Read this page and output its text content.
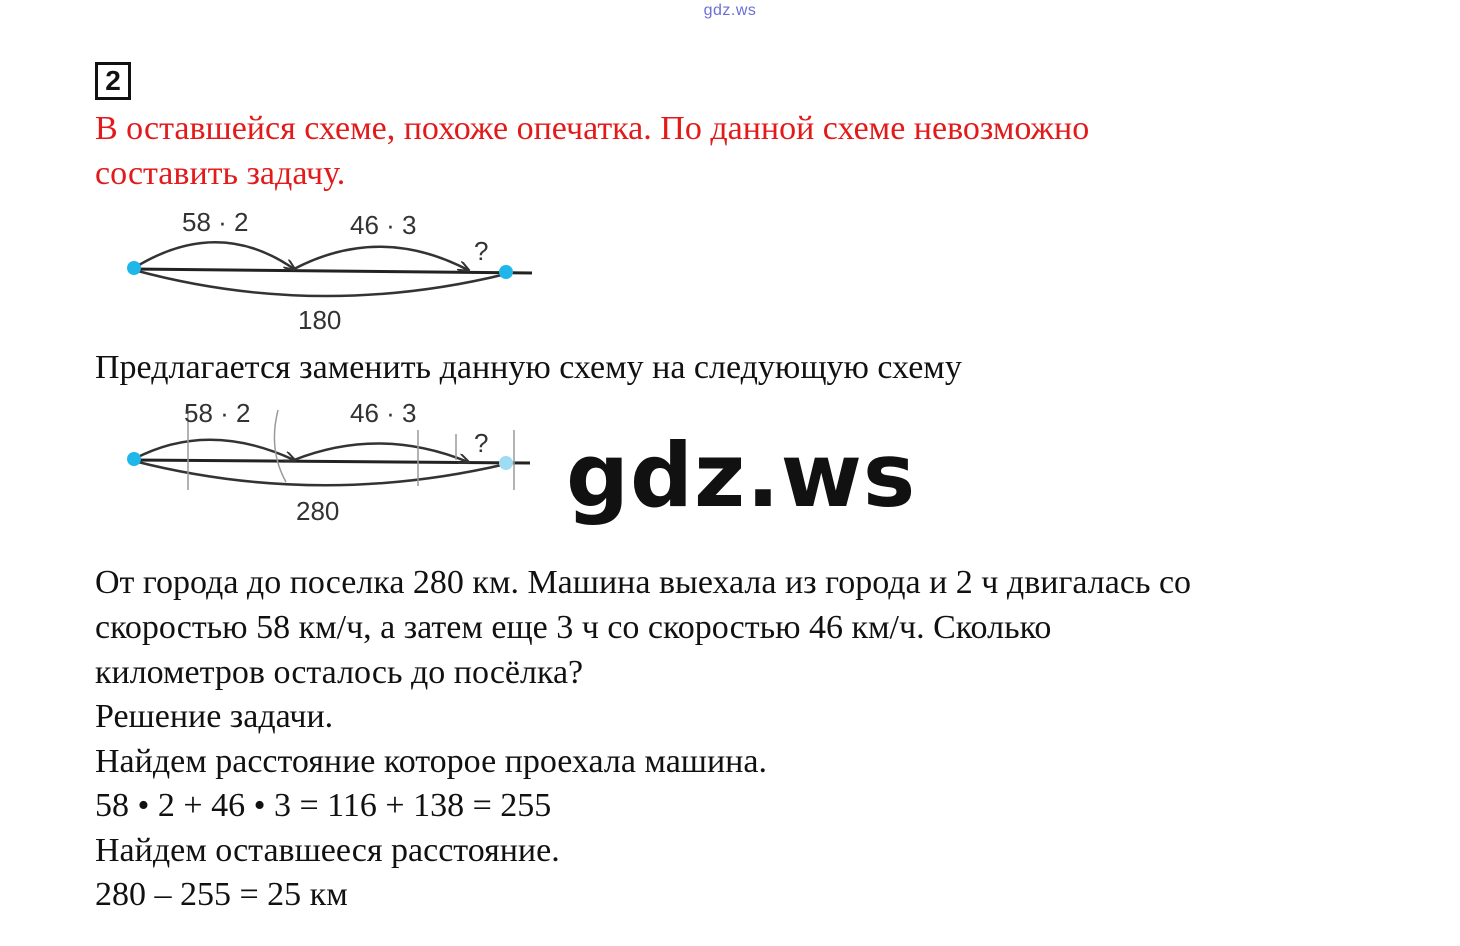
gdz.ws
2
В оставшейся схеме, похоже опечатка. По данной схеме невозможно
составить задачу.
58 · 2	46 · 3
?
180
Предлагается заменить данную схему на следующую схему
58 · 2	46 · 3
?
280	gdz.ws
От города до поселка 280 км. Машина выехала из города и 2 ч двигалась со
скоростью 58 км/ч, а затем еще 3 ч со скоростью 46 км/ч. Сколько
километров осталось до посёлка?
Решение задачи.
Найдем расстояние которое проехала машина.
58 • 2 + 46 • 3 = 116 + 138 = 255
Найдем оставшееся расстояние.
280 – 255 = 25 км
